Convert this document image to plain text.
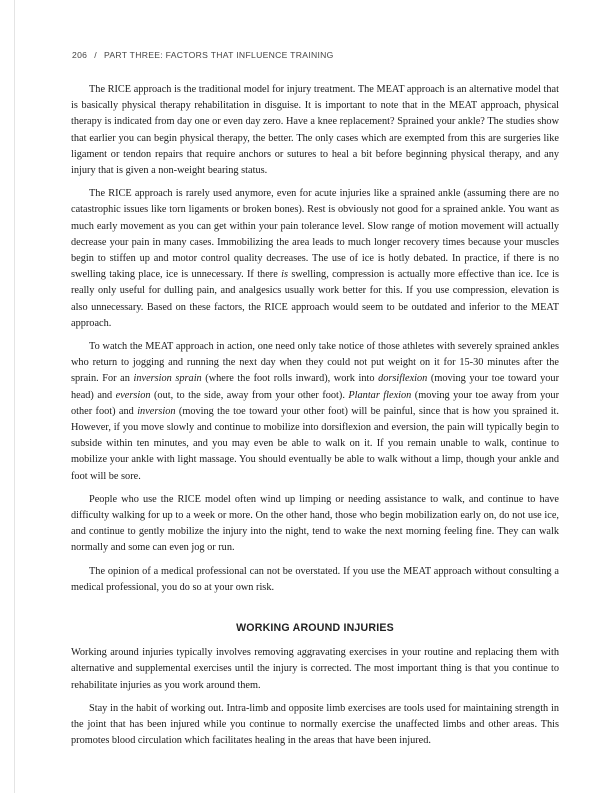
206 / PART THREE: FACTORS THAT INFLUENCE TRAINING

The RICE approach is the traditional model for injury treatment. The MEAT approach is an alternative model that is basically physical therapy rehabilitation in disguise. It is important to note that in the MEAT approach, physical therapy is indicated from day one or even day zero. Have a knee replacement? Sprained your ankle? The studies show that earlier you can begin physical therapy, the better. The only cases which are exempted from this are surgeries like ligament or tendon repairs that require anchors or sutures to heal a bit before beginning physical therapy, and any injury that is given a non-weight bearing status.

The RICE approach is rarely used anymore, even for acute injuries like a sprained ankle (assuming there are no catastrophic issues like torn ligaments or broken bones). Rest is obviously not good for a sprained ankle. You want as much early movement as you can get within your pain tolerance level. Slow range of motion movement will actually decrease your pain in many cases. Immobilizing the area leads to much longer recovery times because your muscles begin to stiffen up and motor control quality decreases. The use of ice is hotly debated. In practice, if there is no swelling taking place, ice is unnecessary. If there is swelling, compression is actually more effective than ice. Ice is really only useful for dulling pain, and analgesics usually work better for this. If you use compression, elevation is also unnecessary. Based on these factors, the RICE approach would seem to be outdated and inferior to the MEAT approach.

To watch the MEAT approach in action, one need only take notice of those athletes with severely sprained ankles who return to jogging and running the next day when they could not put weight on it for 15-30 minutes after the sprain. For an inversion sprain (where the foot rolls inward), work into dorsiflexion (moving your toe toward your head) and eversion (out, to the side, away from your other foot). Plantar flexion (moving your toe away from your other foot) and inversion (moving the toe toward your other foot) will be painful, since that is how you sprained it. However, if you move slowly and continue to mobilize into dorsiflexion and eversion, the pain will typically begin to subside within ten minutes, and you may even be able to walk on it. If you remain unable to walk, continue to mobilize your ankle with light massage. You should eventually be able to walk without a limp, though your ankle and foot will be sore.

People who use the RICE model often wind up limping or needing assistance to walk, and continue to have difficulty walking for up to a week or more. On the other hand, those who begin mobilization early on, do not use ice, and continue to gently mobilize the injury into the night, tend to wake the next morning feeling fine. They can walk normally and some can even jog or run.

The opinion of a medical professional can not be overstated. If you use the MEAT approach without consulting a medical professional, you do so at your own risk.

WORKING AROUND INJURIES

Working around injuries typically involves removing aggravating exercises in your routine and replacing them with alternative and supplemental exercises until the injury is corrected. The most important thing is that you continue to rehabilitate injuries as you work around them.

Stay in the habit of working out. Intra-limb and opposite limb exercises are tools used for maintaining strength in the joint that has been injured while you continue to normally exercise the unaffected limbs and other areas. This promotes blood circulation which facilitates healing in the areas that have been injured.
